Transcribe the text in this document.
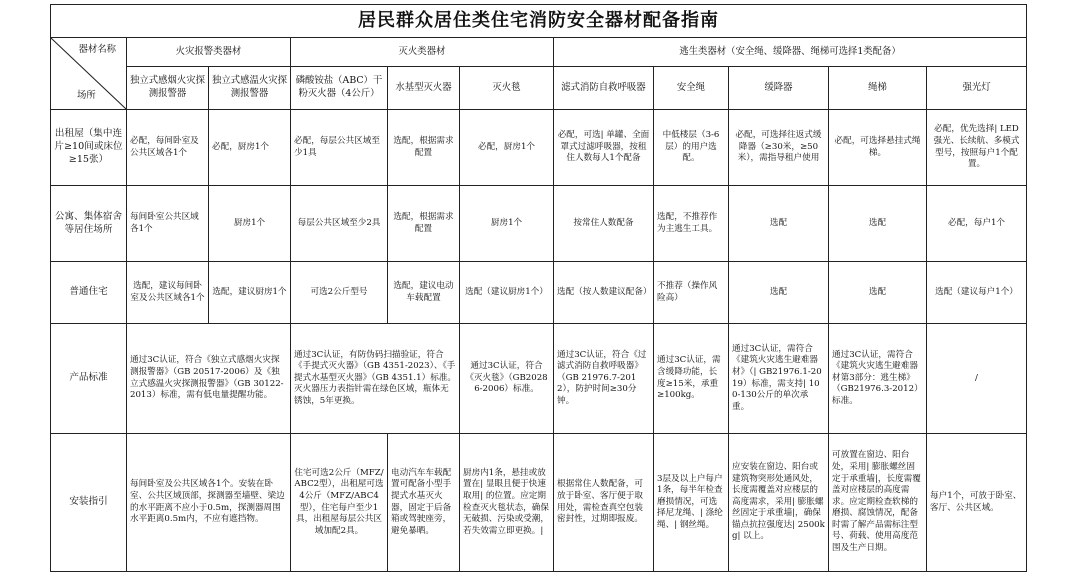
居民群众居住类住宅消防安全器材配备指南										

器材名称
场所	火灾报警类器材		灭火类器材			逃生类器材（安全绳、缓降器、绳梯可选择1类配备）				
	独立式感烟火灾探测报警器	独立式感温火灾探测报警器	磷酸铵盐（ABC）干粉灭火器（4公斤）	水基型灭火器	灭火毯	滤式消防自救呼吸器	安全绳	缓降器	绳梯	强光灯
出租屋（集中连片≥10间或床位≥15张）	必配，每间卧室及公共区域各1个	必配，厨房1个	必配，每层公共区域至少1具	选配，根据需求配置	必配，厨房1个	必配，可选| 单罐、全面罩式过滤呼吸器，按租住人数每人1个配备	中低楼层（3-6层）的用户选配。	必配，可选择往返式缓降器（≥30米，≥50米），需指导租户使用	必配，可选择悬挂式绳梯。	必配，优先选择| LED强光、长续航、多模式型号，按照每户1个配置。
公寓、集体宿舍等居住场所	每间卧室公共区域各1个	厨房1个	每层公共区域至少2具	选配，根据需求配置	厨房1个	按常住人数配备	选配，不推荐作为主逃生工具。	选配	选配	必配，每户1个
普通住宅	选配，建议每间卧室及公共区域各1个	选配，建议厨房1个	可选2公斤型号	选配，建议电动车载配置	选配（建议厨房1个）	选配（按人数建议配备）	不推荐（操作风险高）	选配	选配	选配（建议每户1个）
产品标准	通过3C认证，符合《独立式感烟火灾探测报警器》（GB 20517-2006）及《独立式感温火灾探测报警器》（GB 30122-2013）标准，需有低电量提醒功能。		通过3C认证，有防伪码扫描验证，符合《手提式灭火器》（GB 4351-2023）、《手提式水基型灭火器》（GB 4351.1）标准。灭火器压力表指针需在绿色区域，瓶体无锈蚀，5年更换。		通过3C认证，符合《灭火毯》（GB20286-2006）标准。	通过3C认证，符合《过滤式消防自救呼吸器》（GB 21976.7-2012），防护时间≥30分钟。	通过3C认证，需含缓降功能，长度≥15米，承重≥100kg。	通过3C认证，需符合《建筑火灾逃生避难器材》（| GB21976.1-2019）标准，需支持| 100-130公斤的单次承重。	通过3C认证，需符合《建筑火灾逃生避难器材第3部分：逃生梯》（GB21976.3-2012）标准。	/
安装指引	每间卧室及公共区域各1个。安装在卧室、公共区域顶部，探测器至墙壁、梁边的水平距离不应小于0.5m，探测器周围水平距离0.5m内，不应有遮挡物。		住宅可选2公斤（MFZ/ABC2型），出租屋可选4公斤（MFZ/ABC4型），住宅每户至少1具，出租屋每层公共区域加配2具。	电动汽车车载配置可配备小型手提式水基灭火器，固定于后备箱或驾驶座旁，避免暴晒。	厨房内1条，悬挂或放置在| 显眼且便于快速取用| 的位置。应定期检查灭火毯状态，确保无破损、污染或受潮，若失效需立即更换。|	根据常住人数配备，可放于卧室、客厅便于取用处，需检查真空包装密封性，过期即报废。	3层及以上户每户1条，每半年检查磨损情况，可选择尼龙绳、| 涤纶绳、| 钢丝绳。	应安装在窗边、阳台或建筑物突形处通风处，长度需覆盖对应楼层的高度需求，采用| 膨胀螺丝固定于承重墙|，确保锚点抗拉强度达| 2500kg| 以上。	可放置在窗边、阳台处，采用| 膨胀螺丝固定于承重墙|，长度需覆盖对应楼层的高度需求。应定期检查软梯的磨损、腐蚀情况，配备时需了解产品需标注型号、荷载、使用高度范围及生产日期。	每户1个，可放于卧室、客厅、公共区域。
